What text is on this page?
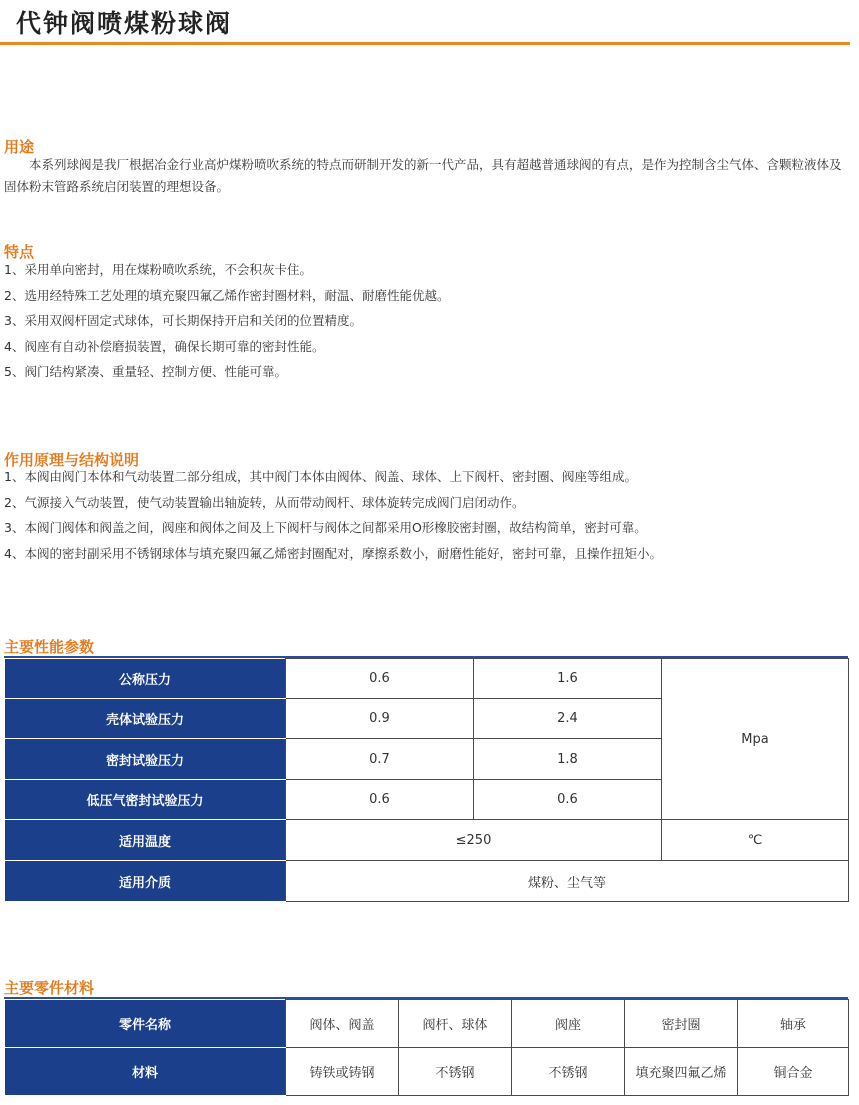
代钟阀喷煤粉球阀
用途
本系列球阀是我厂根据冶金行业高炉煤粉喷吹系统的特点而研制开发的新一代产品，具有超越普通球阀的有点，是作为控制含尘气体、含颗粒液体及固体粉末管路系统启闭装置的理想设备。
特点
1、采用单向密封，用在煤粉喷吹系统，不会积灰卡住。
2、选用经特殊工艺处理的填充聚四氟乙烯作密封圈材料，耐温、耐磨性能优越。
3、采用双阀杆固定式球体，可长期保持开启和关闭的位置精度。
4、阀座有自动补偿磨损装置，确保长期可靠的密封性能。
5、阀门结构紧凑、重量轻、控制方便、性能可靠。
作用原理与结构说明
1、本阀由阀门本体和气动装置二部分组成，其中阀门本体由阀体、阀盖、球体、上下阀杆、密封圈、阀座等组成。
2、气源接入气动装置，使气动装置输出轴旋转，从而带动阀杆、球体旋转完成阀门启闭动作。
3、本阀门阀体和阀盖之间，阀座和阀体之间及上下阀杆与阀体之间都采用O形橡胶密封圈，故结构简单，密封可靠。
4、本阀的密封副采用不锈钢球体与填充聚四氟乙烯密封圈配对，摩擦系数小，耐磨性能好，密封可靠，且操作扭矩小。
主要性能参数
公称压力	0.6	1.6	Mpa
壳体试验压力	0.9	2.4	
密封试验压力	0.7	1.8	
低压气密封试验压力	0.6	0.6	
适用温度	≤250		℃
适用介质	煤粉、尘气等		
主要零件材料
零件名称	阀体、阀盖	阀杆、球体	阀座	密封圈	轴承
材料	铸铁或铸钢	不锈钢	不锈钢	填充聚四氟乙烯	铜合金
